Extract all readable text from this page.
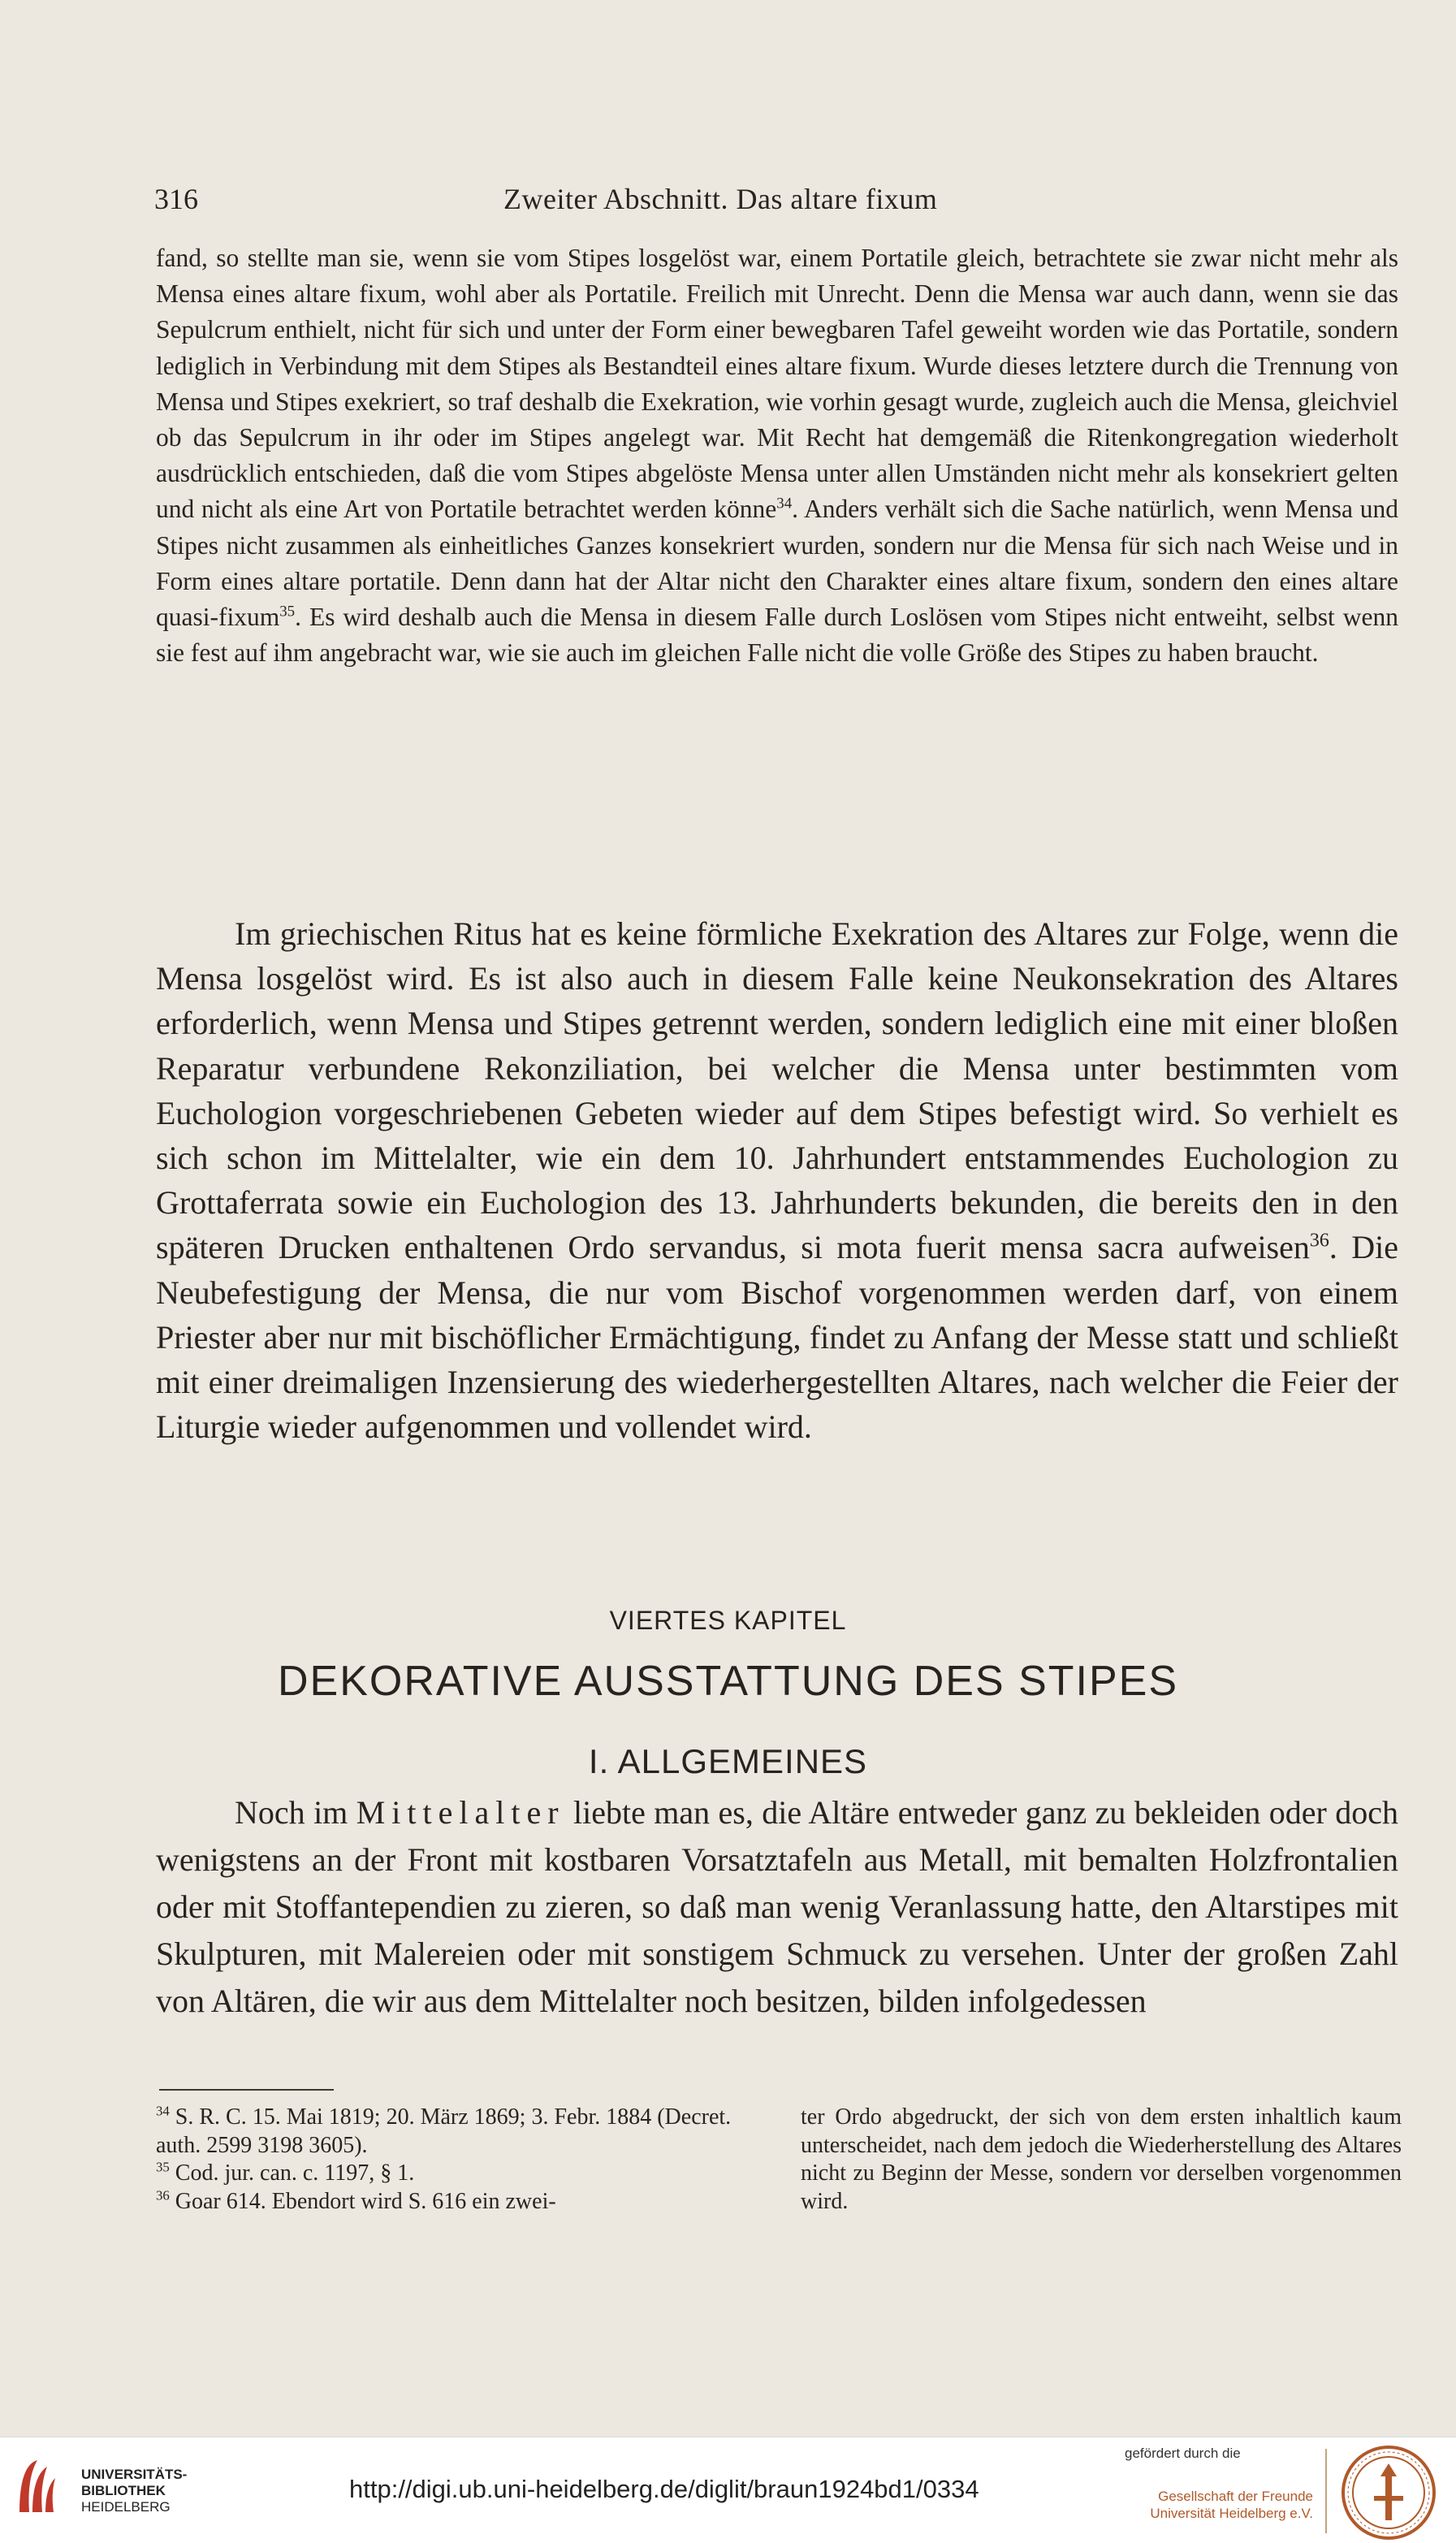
316	Zweiter Abschnitt. Das altare fixum

fand, so stellte man sie, wenn sie vom Stipes losgelöst war, einem Portatile gleich, betrachtete sie zwar nicht mehr als Mensa eines altare fixum, wohl aber als Portatile. Freilich mit Unrecht. Denn die Mensa war auch dann, wenn sie das Sepulcrum enthielt, nicht für sich und unter der Form einer bewegbaren Tafel geweiht worden wie das Portatile, sondern lediglich in Verbindung mit dem Stipes als Bestandteil eines altare fixum. Wurde dieses letztere durch die Trennung von Mensa und Stipes exekriert, so traf deshalb die Exekration, wie vorhin gesagt wurde, zugleich auch die Mensa, gleichviel ob das Sepulcrum in ihr oder im Stipes angelegt war. Mit Recht hat demgemäß die Ritenkongregation wiederholt ausdrücklich entschieden, daß die vom Stipes abgelöste Mensa unter allen Umständen nicht mehr als konsekriert gelten und nicht als eine Art von Portatile betrachtet werden könne$^{34}$. Anders verhält sich die Sache natürlich, wenn Mensa und Stipes nicht zusammen als einheitliches Ganzes konsekriert wurden, sondern nur die Mensa für sich nach Weise und in Form eines altare portatile. Denn dann hat der Altar nicht den Charakter eines altare fixum, sondern den eines altare quasi-fixum$^{35}$. Es wird deshalb auch die Mensa in diesem Falle durch Loslösen vom Stipes nicht entweiht, selbst wenn sie fest auf ihm angebracht war, wie sie auch im gleichen Falle nicht die volle Größe des Stipes zu haben braucht.

Im griechischen Ritus hat es keine förmliche Exekration des Altares zur Folge, wenn die Mensa losgelöst wird. Es ist also auch in diesem Falle keine Neukonsekration des Altares erforderlich, wenn Mensa und Stipes getrennt werden, sondern lediglich eine mit einer bloßen Reparatur verbundene Rekonziliation, bei welcher die Mensa unter bestimmten vom Euchologion vorgeschriebenen Gebeten wieder auf dem Stipes befestigt wird. So verhielt es sich schon im Mittelalter, wie ein dem 10. Jahrhundert entstammendes Euchologion zu Grottaferrata sowie ein Euchologion des 13. Jahrhunderts bekunden, die bereits den in den späteren Drucken enthaltenen Ordo servandus, si mota fuerit mensa sacra aufweisen$^{36}$. Die Neubefestigung der Mensa, die nur vom Bischof vorgenommen werden darf, von einem Priester aber nur mit bischöflicher Ermächtigung, findet zu Anfang der Messe statt und schließt mit einer dreimaligen Inzensierung des wiederhergestellten Altares, nach welcher die Feier der Liturgie wieder aufgenommen und vollendet wird.

VIERTES KAPITEL
DEKORATIVE AUSSTATTUNG DES STIPES
I. ALLGEMEINES

Noch im Mittelalter liebte man es, die Altäre entweder ganz zu bekleiden oder doch wenigstens an der Front mit kostbaren Vorsatztafeln aus Metall, mit bemalten Holzfrontalien oder mit Stoffantependien zu zieren, so daß man wenig Veranlassung hatte, den Altarstipes mit Skulpturen, mit Malereien oder mit sonstigem Schmuck zu versehen. Unter der großen Zahl von Altären, die wir aus dem Mittelalter noch besitzen, bilden infolgedessen

$^{34}$ S. R. C. 15. Mai 1819; 20. März 1869; 3. Febr. 1884 (Decret. auth. 2599 3198 3605).

$^{35}$ Cod. jur. can. c. 1197, § 1.

$^{36}$ Goar 614. Ebendort wird S. 616 ein zwei-

ter Ordo abgedruckt, der sich von dem ersten inhaltlich kaum unterscheidet, nach dem jedoch die Wiederherstellung des Altares nicht zu Beginn der Messe, sondern vor derselben vorgenommen wird.

UNIVERSITÄTS-
BIBLIOTHEK
HEIDELBERG
http://digi.ub.uni-heidelberg.de/diglit/braun1924bd1/0334
gefördert durch die
Gesellschaft der Freunde
Universität Heidelberg e.V.
